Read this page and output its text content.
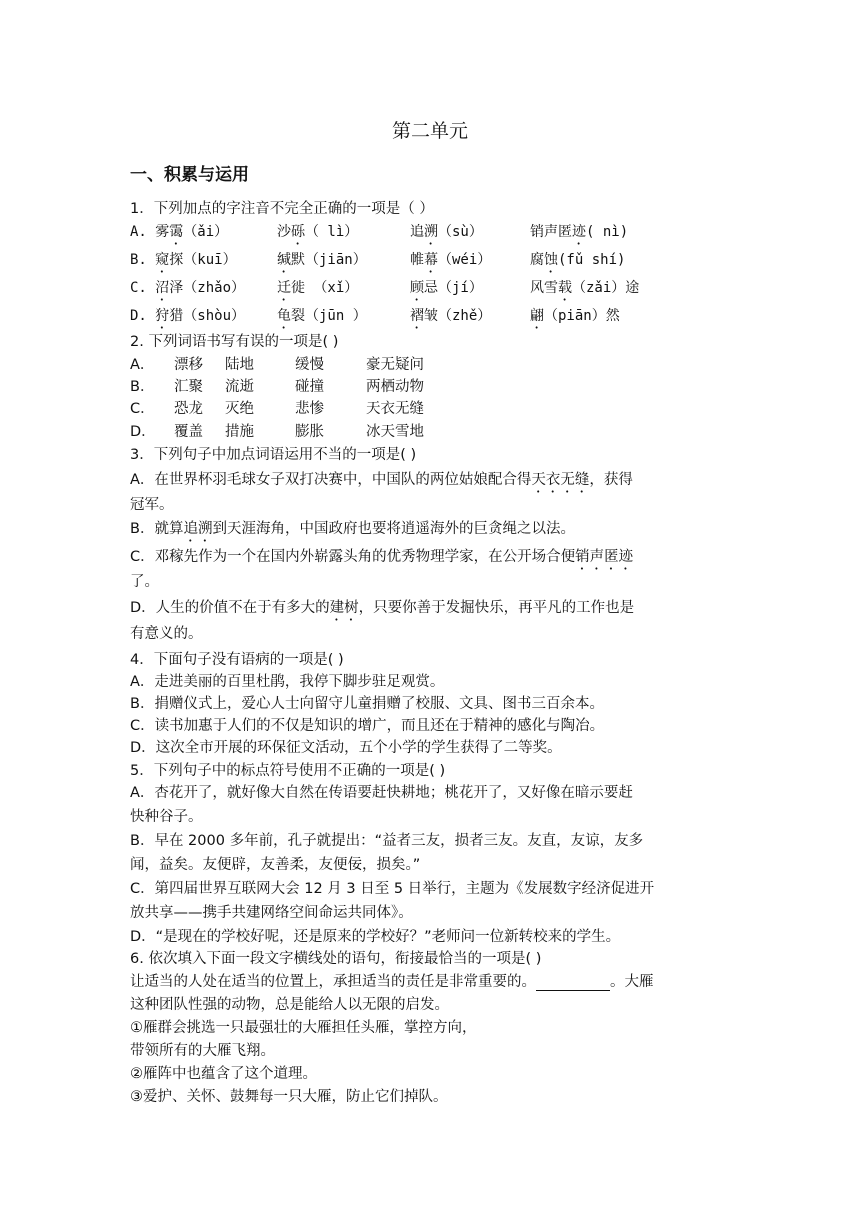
第二单元
一、积累与运用
1．下列加点的字注音不完全正确的一项是（ ）
A. 雾霭（ǎi）	沙砾（ lì）	追溯（sù）	销声匿迹( nì)
B. 窥探（kuī）	缄默（jiān）	帷幕（wéi）	腐蚀(fǔ shí)
C. 沼泽（zhǎo） 迁徙 （xǐ）	顾忌（jí）	风雪载（zǎi）途
D. 狩猎（shòu） 龟裂（jūn ）	褶皱（zhě）	翩（piān）然
2. 下列词语书写有误的一项是( )
A． 漂移 陆地	缓慢	豪无疑问
B． 汇聚 流逝	碰撞	两栖动物
C． 恐龙 灭绝	悲惨	天衣无缝
D． 覆盖 措施	膨胀	冰天雪地
3．下列句子中加点词语运用不当的一项是( )
A．在世界杯羽毛球女子双打决赛中，中国队的两位姑娘配合得天衣无缝，获得
冠军。
B．就算追溯到天涯海角，中国政府也要将逍遥海外的巨贪绳之以法。
C．邓稼先作为一个在国内外崭露头角的优秀物理学家，在公开场合便销声匿迹
了。
D．人生的价值不在于有多大的建树，只要你善于发掘快乐，再平凡的工作也是
有意义的。
4．下面句子没有语病的一项是( )
A．走进美丽的百里杜鹃，我停下脚步驻足观赏。
B．捐赠仪式上，爱心人士向留守儿童捐赠了校服、文具、图书三百余本。
C．读书加惠于人们的不仅是知识的增广，而且还在于精神的感化与陶冶。
D．这次全市开展的环保征文活动，五个小学的学生获得了二等奖。
5．下列句子中的标点符号使用不正确的一项是( )
A．杏花开了，就好像大自然在传语要赶快耕地；桃花开了，又好像在暗示要赶
快种谷子。
B．早在 2000 多年前，孔子就提出：“益者三友，损者三友。友直，友谅，友多
闻，益矣。友便辟，友善柔，友便佞，损矣。”
C．第四届世界互联网大会 12 月 3 日至 5 日举行，主题为《发展数字经济促进开
放共享——携手共建网络空间命运共同体》。
D．“是现在的学校好呢，还是原来的学校好？”老师问一位新转校来的学生。
6. 依次填入下面一段文字横线处的语句，衔接最恰当的一项是( )
让适当的人处在适当的位置上，承担适当的责任是非常重要的。	。大雁
这种团队性强的动物，总是能给人以无限的启发。
①雁群会挑选一只最强壮的大雁担任头雁，掌控方向，
带领所有的大雁飞翔。
②雁阵中也蕴含了这个道理。
③爱护、关怀、鼓舞每一只大雁，防止它们掉队。
